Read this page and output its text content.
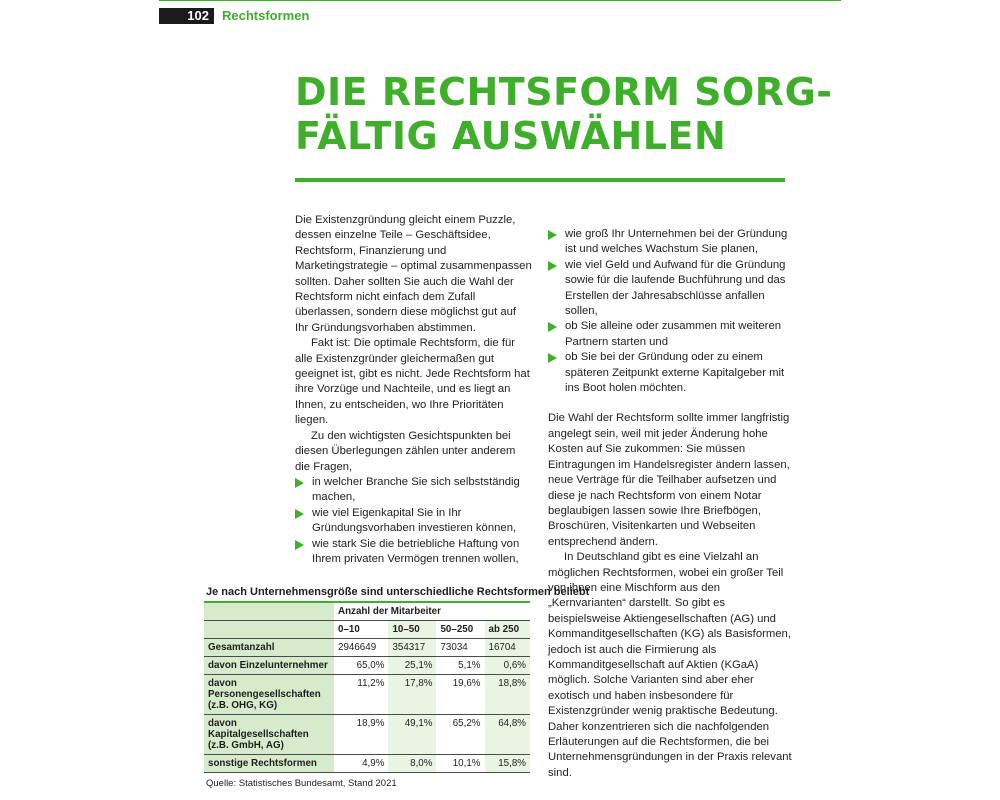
102 Rechtsformen
DIE RECHTSFORM SORG-
FÄLTIG AUSWÄHLEN

Die Existenzgründung gleicht einem Puzzle, dessen einzelne Teile – Geschäftsidee, Rechtsform, Finanzierung und Marketingstrategie – optimal zusammenpassen sollten. Daher sollten Sie auch die Wahl der Rechtsform nicht einfach dem Zufall überlassen, sondern diese möglichst gut auf Ihr Gründungsvorhaben abstimmen.

Fakt ist: Die optimale Rechtsform, die für alle Existenzgründer gleichermaßen gut geeignet ist, gibt es nicht. Jede Rechtsform hat ihre Vorzüge und Nachteile, und es liegt an Ihnen, zu entscheiden, wo Ihre Prioritäten liegen.

Zu den wichtigsten Gesichtspunkten bei diesen Überlegungen zählen unter anderem die Fragen,

in welcher Branche Sie sich selbstständig machen,
wie viel Eigenkapital Sie in Ihr Gründungsvorhaben investieren können,
wie stark Sie die betriebliche Haftung von Ihrem privaten Vermögen trennen wollen,
wie groß Ihr Unternehmen bei der Gründung ist und welches Wachstum Sie planen,
wie viel Geld und Aufwand für die Gründung sowie für die laufende Buchführung und das Erstellen der Jahresabschlüsse anfallen sollen,
ob Sie alleine oder zusammen mit weiteren Partnern starten und
ob Sie bei der Gründung oder zu einem späteren Zeitpunkt externe Kapitalgeber mit ins Boot holen möchten.

Die Wahl der Rechtsform sollte immer langfristig angelegt sein, weil mit jeder Änderung hohe Kosten auf Sie zukommen: Sie müssen Eintragungen im Handelsregister ändern lassen, neue Verträge für die Teilhaber aufsetzen und diese je nach Rechtsform von einem Notar beglaubigen lassen sowie Ihre Briefbögen, Broschüren, Visitenkarten und Webseiten entsprechend ändern.

In Deutschland gibt es eine Vielzahl an möglichen Rechtsformen, wobei ein großer Teil von ihnen eine Mischform aus den „Kernvarianten“ darstellt. So gibt es beispielsweise Aktiengesellschaften (AG) und Kommanditgesellschaften (KG) als Basisformen, jedoch ist auch die Firmierung als Kommanditgesellschaft auf Aktien (KGaA) möglich. Solche Varianten sind aber eher exotisch und haben insbesondere für Existenzgründer wenig praktische Bedeutung. Daher konzentrieren sich die nachfolgenden Erläuterungen auf die Rechtsformen, die bei Unternehmensgründungen in der Praxis relevant sind.

Je nach Unternehmensgröße sind unterschiedliche Rechtsformen beliebt
	Anzahl der Mitarbeiter			
	0–10	10–50	50–250	ab 250
Gesamtanzahl	2946649	354317	73034	16704
davon Einzelunternehmer	65,0%	25,1%	5,1%	0,6%
davon Personengesellschaften (z.B. OHG, KG)	11,2%	17,8%	19,6%	18,8%
davon Kapitalgesellschaften (z.B. GmbH, AG)	18,9%	49,1%	65,2%	64,8%
sonstige Rechtsformen	4,9%	8,0%	10,1%	15,8%
Quelle: Statistisches Bundesamt, Stand 2021
